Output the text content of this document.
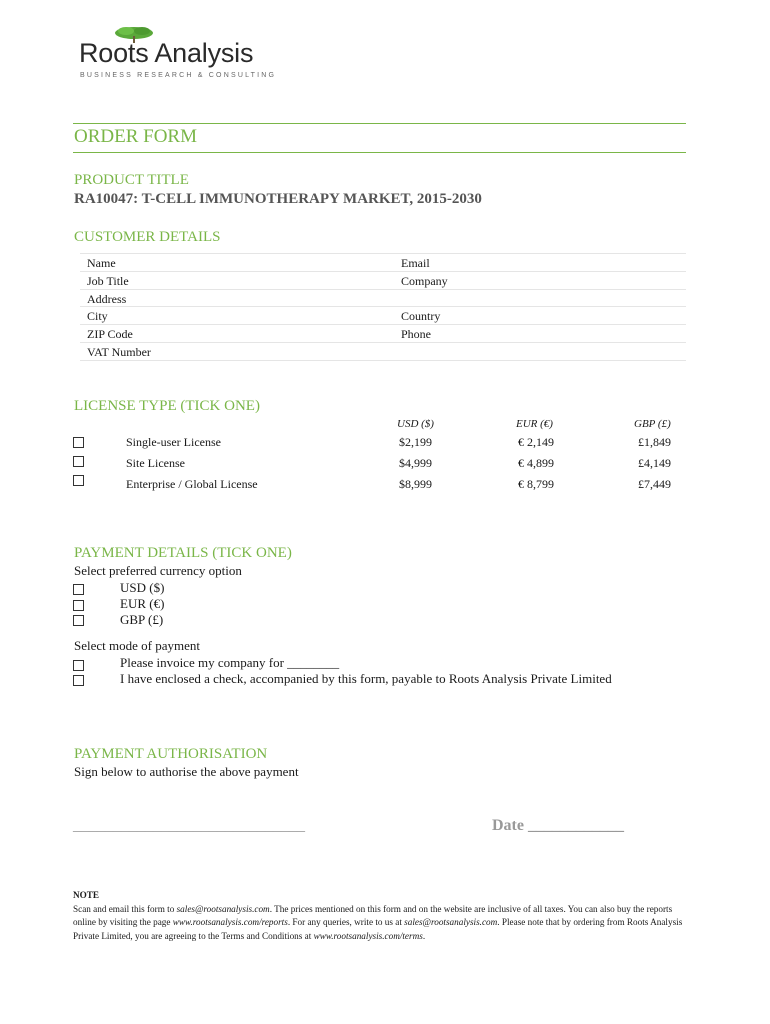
Roots Analysis
BUSINESS RESEARCH & CONSULTING
ORDER FORM
PRODUCT TITLE
RA10047: T-CELL IMMUNOTHERAPY MARKET, 2015-2030
CUSTOMER DETAILS
Name	Email
Job Title	Company
Address
City	Country
ZIP Code	Phone
VAT Number
LICENSE TYPE (TICK ONE)
USD ($)	EUR (€)	GBP (£)
Single-user License	$2,199	€ 2,149	£1,849
Site License	$4,999	€ 4,899	£4,149
Enterprise / Global License	$8,999	€ 8,799	£7,449
PAYMENT DETAILS (TICK ONE)
Select preferred currency option
USD ($)
EUR (€)
GBP (£)
Select mode of payment
Please invoice my company for ________
I have enclosed a check, accompanied by this form, payable to Roots Analysis Private Limited
PAYMENT AUTHORISATION
Sign below to authorise the above payment
_____________________________	Date ____________
NOTE
Scan and email this form to sales@rootsanalysis.com. The prices mentioned on this form and on the website are inclusive of all taxes. You can also buy the reports online by visiting the page www.rootsanalysis.com/reports. For any queries, write to us at sales@rootsanalysis.com. Please note that by ordering from Roots Analysis Private Limited, you are agreeing to the Terms and Conditions at www.rootsanalysis.com/terms.
